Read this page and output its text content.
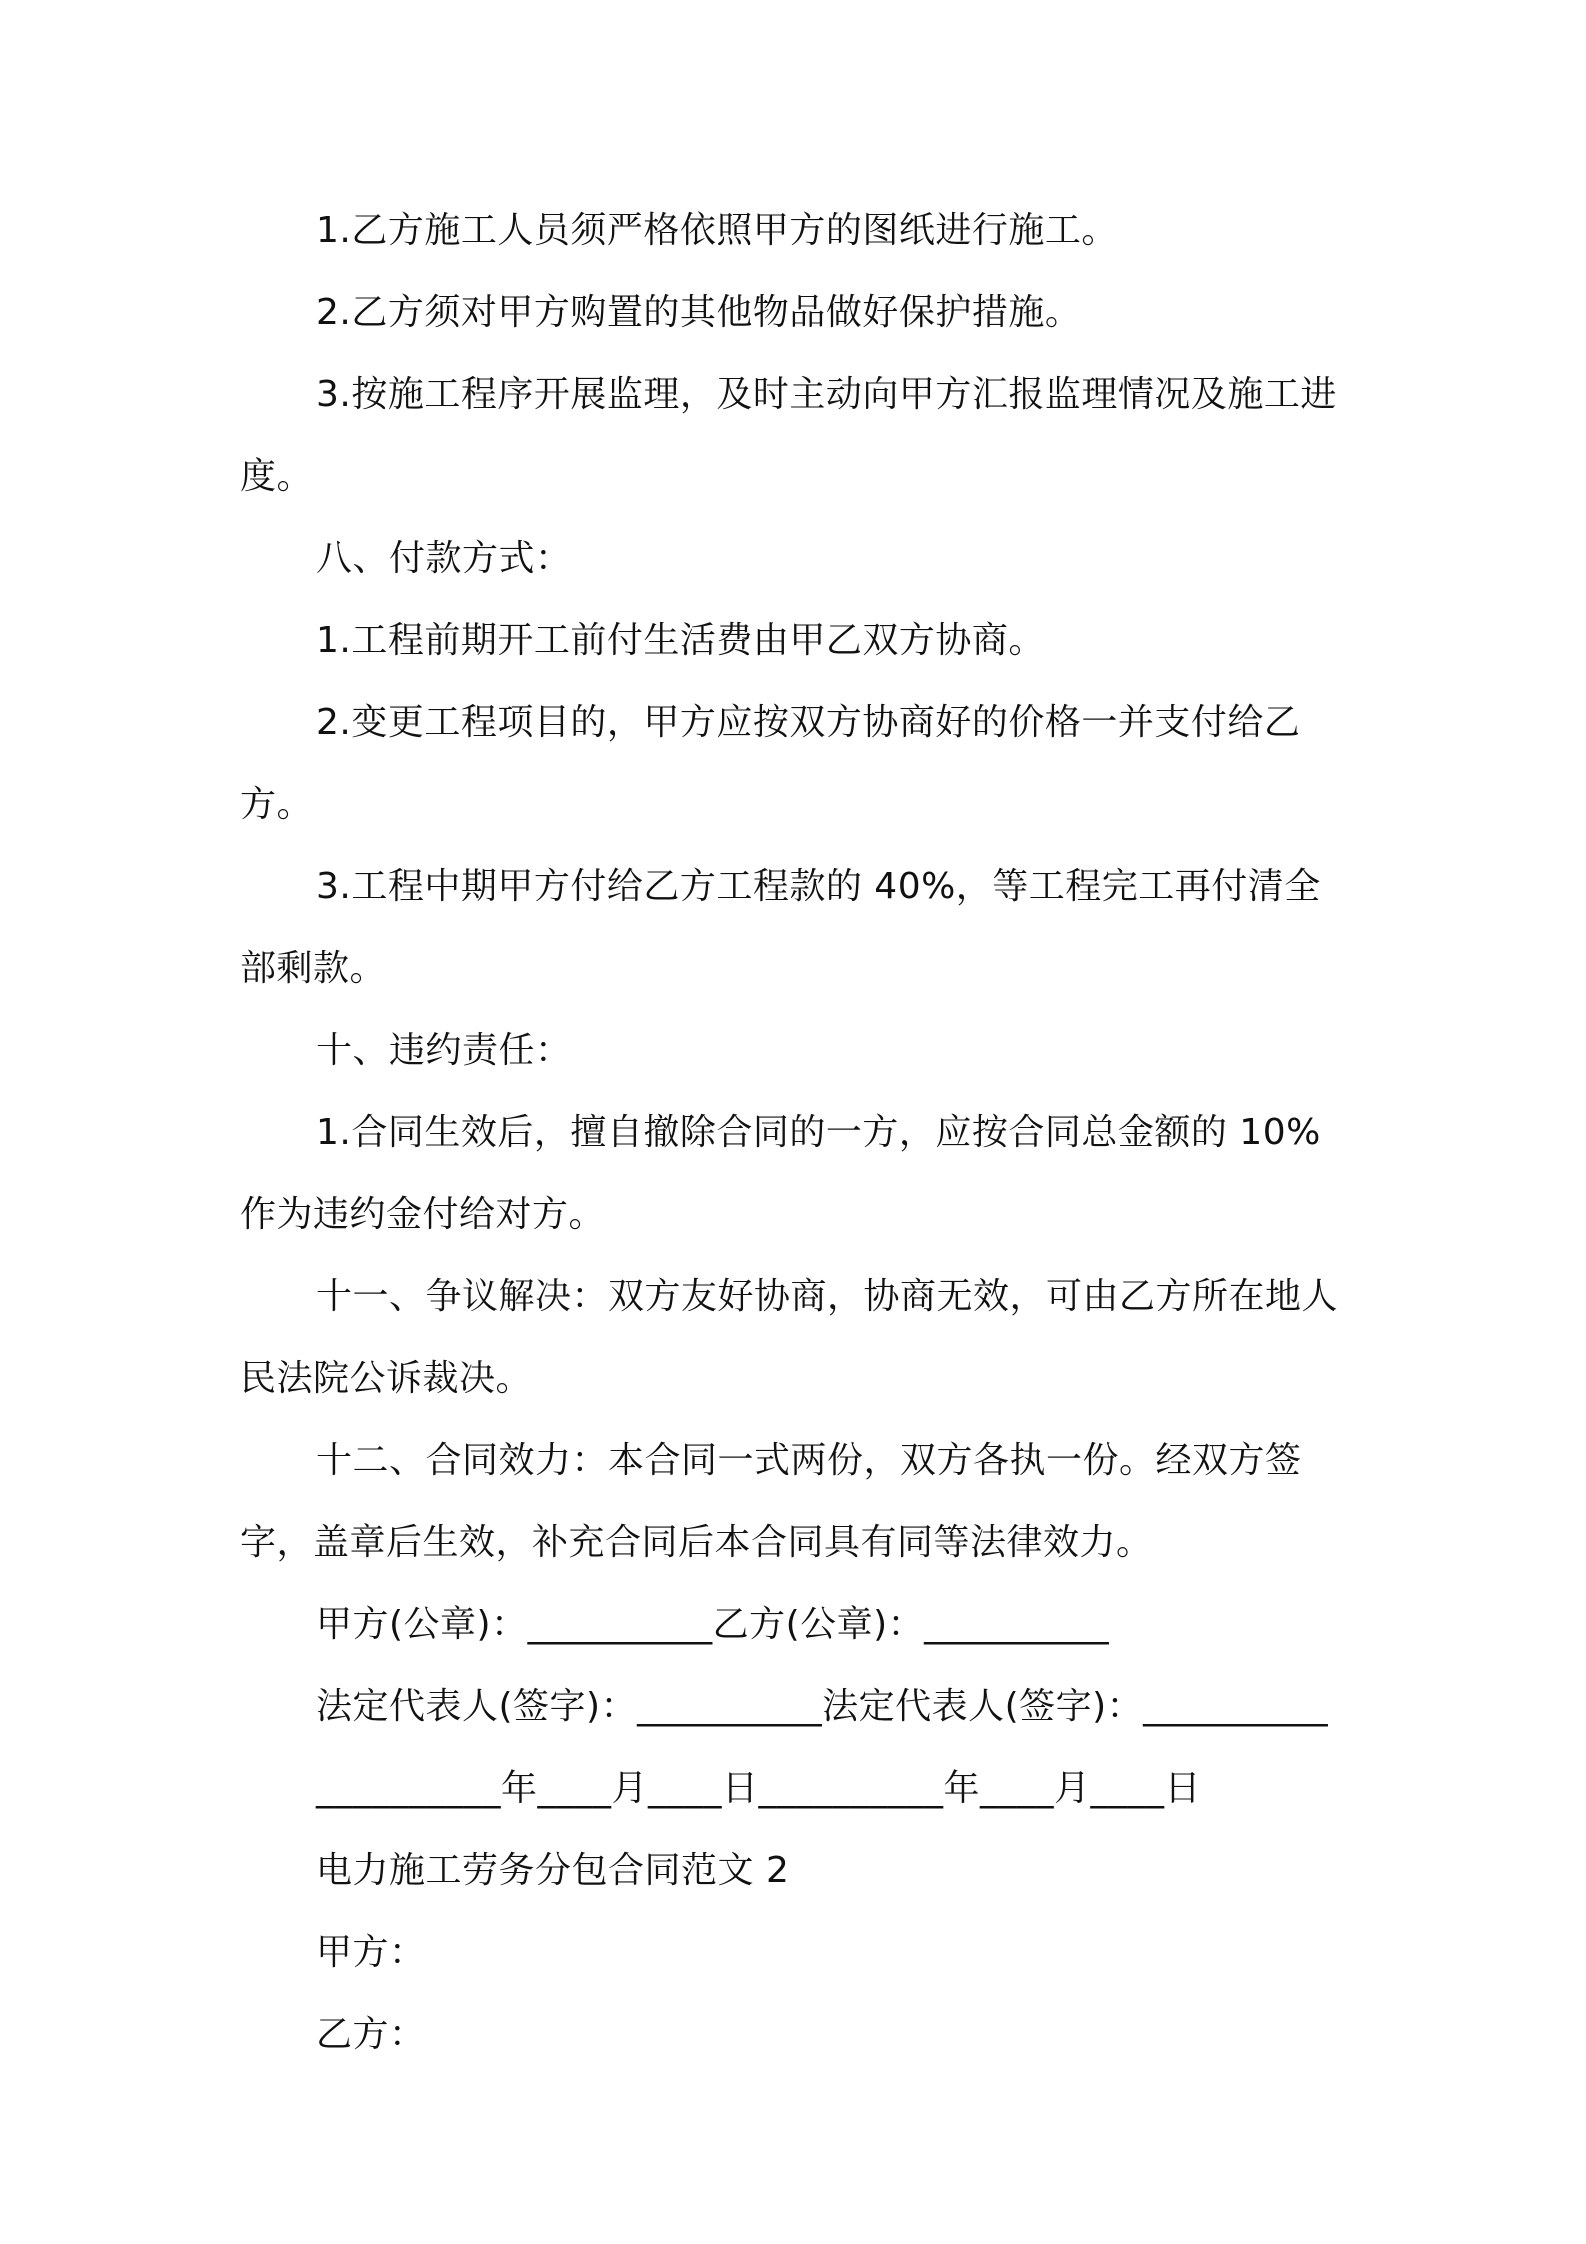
1.乙方施工人员须严格依照甲方的图纸进行施工。

2.乙方须对甲方购置的其他物品做好保护措施。

3.按施工程序开展监理，及时主动向甲方汇报监理情况及施工进度。

八、付款方式：

1.工程前期开工前付生活费由甲乙双方协商。

2.变更工程项目的，甲方应按双方协商好的价格一并支付给乙方。

3.工程中期甲方付给乙方工程款的 40%，等工程完工再付清全部剩款。

十、违约责任：

1.合同生效后，擅自撤除合同的一方，应按合同总金额的 10%作为违约金付给对方。

十一、争议解决：双方友好协商，协商无效，可由乙方所在地人民法院公诉裁决。

十二、合同效力：本合同一式两份，双方各执一份。经双方签字，盖章后生效，补充合同后本合同具有同等法律效力。

甲方(公章)：__________乙方(公章)：__________

法定代表人(签字)：__________法定代表人(签字)：__________

__________年____月____日__________年____月____日

电力施工劳务分包合同范文 2

甲方：

乙方：
